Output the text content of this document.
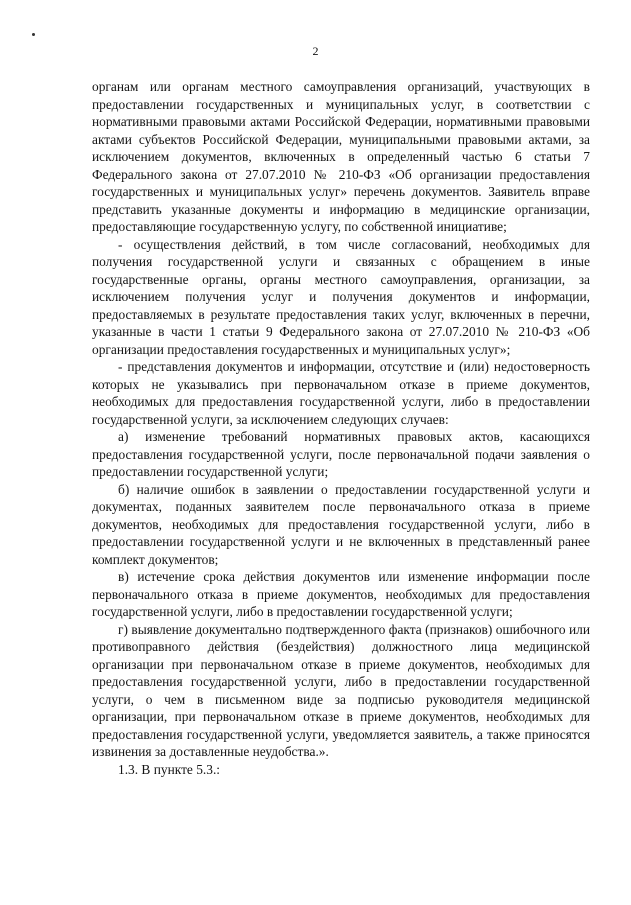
2

органам или органам местного самоуправления организаций, участвующих в предоставлении государственных и муниципальных услуг, в соответствии с нормативными правовыми актами Российской Федерации, нормативными правовыми актами субъектов Российской Федерации, муниципальными правовыми актами, за исключением документов, включенных в определенный частью 6 статьи 7 Федерального закона от 27.07.2010 № 210-ФЗ «Об организации предоставления государственных и муниципальных услуг» перечень документов. Заявитель вправе представить указанные документы и информацию в медицинские организации, предоставляющие государственную услугу, по собственной инициативе;

- осуществления действий, в том числе согласований, необходимых для получения государственной услуги и связанных с обращением в иные государственные органы, органы местного самоуправления, организации, за исключением получения услуг и получения документов и информации, предоставляемых в результате предоставления таких услуг, включенных в перечни, указанные в части 1 статьи 9 Федерального закона от 27.07.2010 № 210-ФЗ «Об организации предоставления государственных и муниципальных услуг»;

- представления документов и информации, отсутствие и (или) недостоверность которых не указывались при первоначальном отказе в приеме документов, необходимых для предоставления государственной услуги, либо в предоставлении государственной услуги, за исключением следующих случаев:

а) изменение требований нормативных правовых актов, касающихся предоставления государственной услуги, после первоначальной подачи заявления о предоставлении государственной услуги;

б) наличие ошибок в заявлении о предоставлении государственной услуги и документах, поданных заявителем после первоначального отказа в приеме документов, необходимых для предоставления государственной услуги, либо в предоставлении государственной услуги и не включенных в представленный ранее комплект документов;

в) истечение срока действия документов или изменение информации после первоначального отказа в приеме документов, необходимых для предоставления государственной услуги, либо в предоставлении государственной услуги;

г) выявление документально подтвержденного факта (признаков) ошибочного или противоправного действия (бездействия) должностного лица медицинской организации при первоначальном отказе в приеме документов, необходимых для предоставления государственной услуги, либо в предоставлении государственной услуги, о чем в письменном виде за подписью руководителя медицинской организации, при первоначальном отказе в приеме документов, необходимых для предоставления государственной услуги, уведомляется заявитель, а также приносятся извинения за доставленные неудобства.».

1.3. В пункте 5.3.:
